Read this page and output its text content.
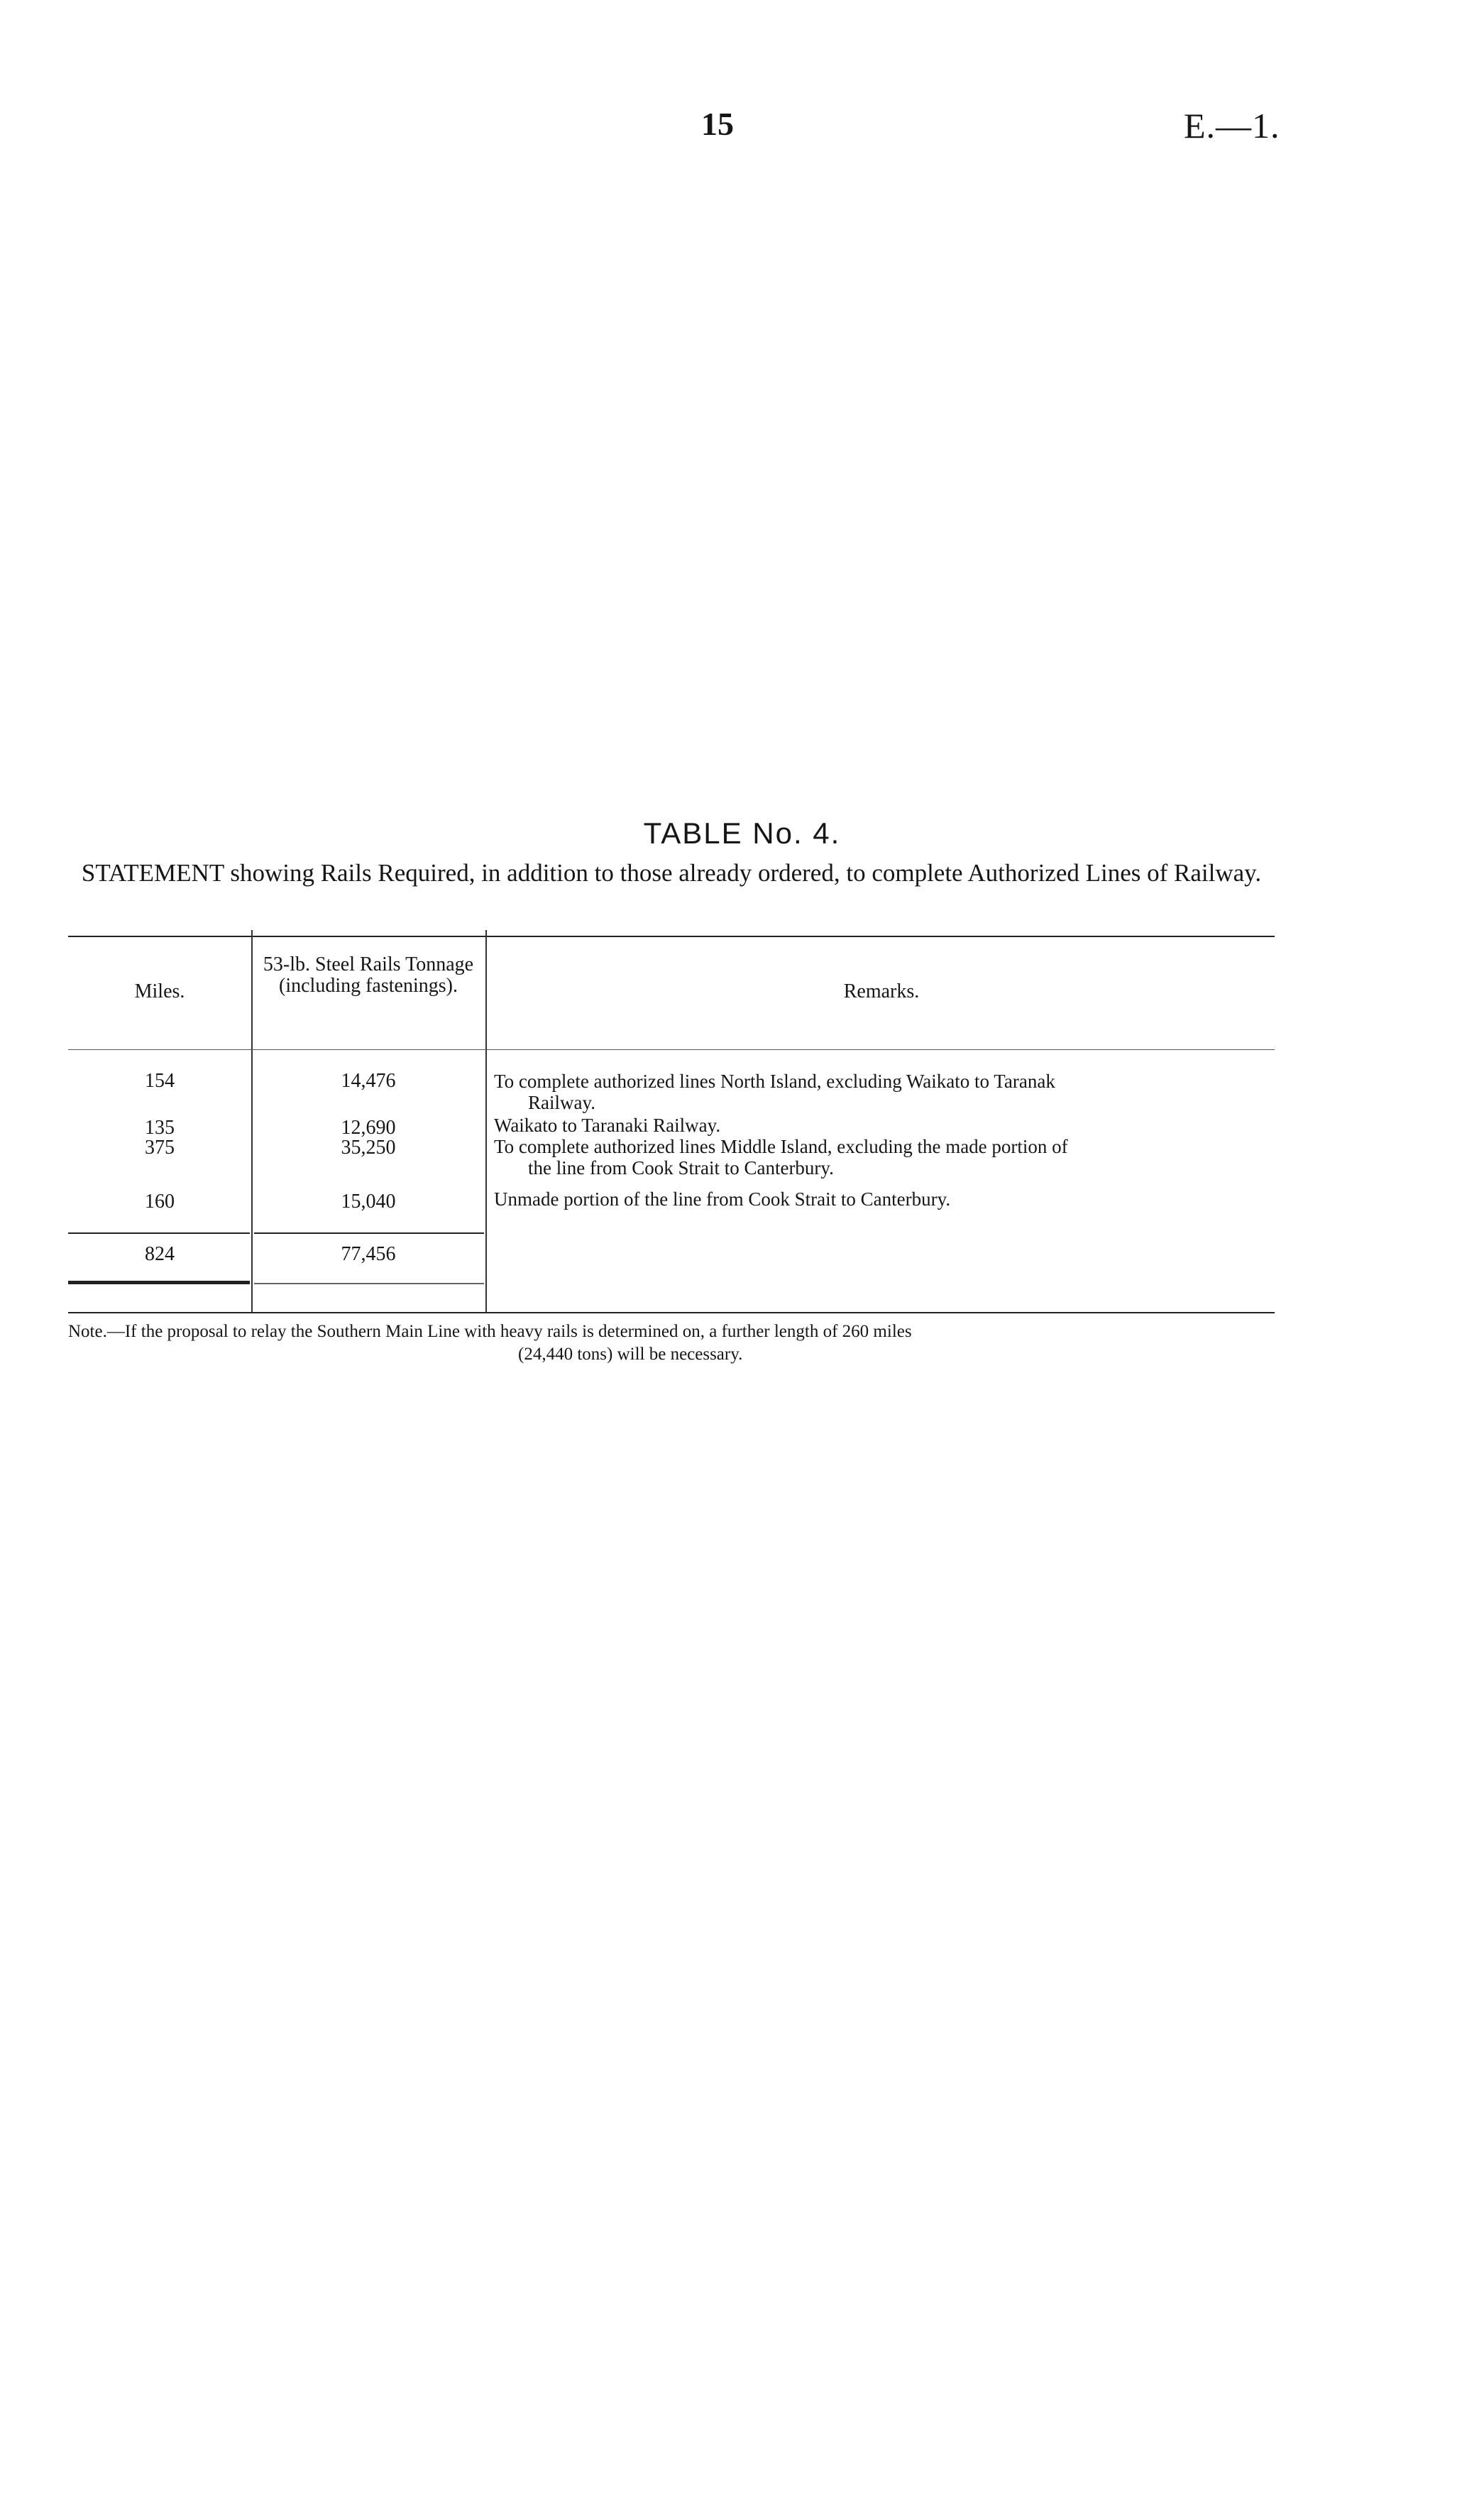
15	E.—1.
TABLE No. 4.
STATEMENT showing Rails Required, in addition to those already ordered, to complete Authorized Lines of Railway.
Miles.
53-lb. Steel Rails Tonnage (including fastenings).	Remarks.
154	14,476	To complete authorized lines North Island, excluding Waikato to Taranak
Railway.
135	12,690	Waikato to Taranaki Railway.
375	35,250	To complete authorized lines Middle Island, excluding the made portion of
the line from Cook Strait to Canterbury.
160	15,040	Unmade portion of the line from Cook Strait to Canterbury.
824	77,456
Note.—If the proposal to relay the Southern Main Line with heavy rails is determined on, a further length of 260 miles
(24,440 tons) will be necessary.
